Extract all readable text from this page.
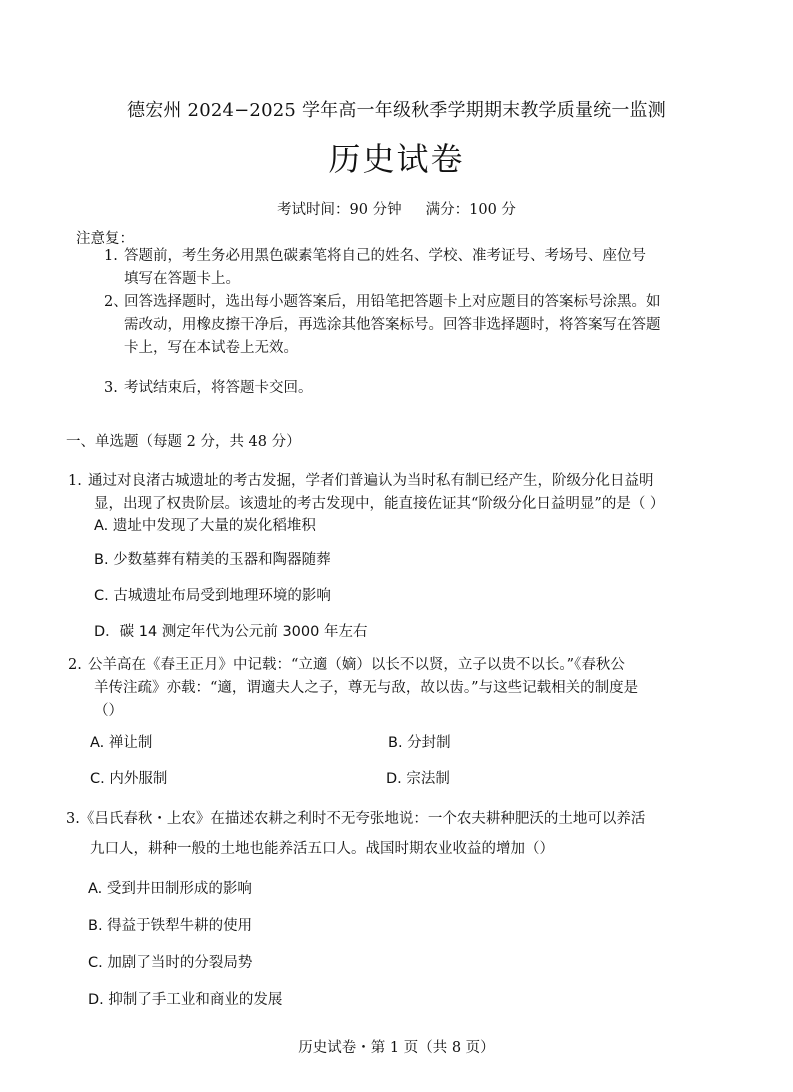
德宏州 2024−2025 学年高一年级秋季学期期末教学质量统一监测
历史试卷
考试时间：90 分钟 满分：100 分
注意复：
1. 答题前，考生务必用黑色碳素笔将自己的姓名、学校、准考证号、考场号、座位号
填写在答题卡上。
2、回答选择题时，选出每小题答案后，用铅笔把答题卡上对应题目的答案标号涂黑。如
需改动，用橡皮擦干净后，再选涂其他答案标号。回答非选择题时，将答案写在答题
卡上，写在本试卷上无效。
3. 考试结束后，将答题卡交回。
一、单选题（每题 2 分，共 48 分）
1. 通过对良渚古城遗址的考古发掘，学者们普遍认为当时私有制已经产生，阶级分化日益明
显，出现了权贵阶层。该遗址的考古发现中，能直接佐证其“阶级分化日益明显”的是（ ）
A. 遗址中发现了大量的炭化稻堆积
B. 少数墓葬有精美的玉器和陶器随葬
C. 古城遗址布局受到地理环境的影响
D．碳 14 测定年代为公元前 3000 年左右
2. 公羊高在《春王正月》中记载：“立適（嫡）以长不以贤，立子以贵不以长。”《春秋公
羊传注疏》亦载：“適，谓適夫人之子，尊无与敌，故以齿。”与这些记载相关的制度是
（）
A. 禅让制	B. 分封制
C. 内外服制	D. 宗法制
3.《吕氏春秋・上农》在描述农耕之利时不无夸张地说：一个农夫耕种肥沃的土地可以养活
九口人，耕种一般的土地也能养活五口人。战国时期农业收益的增加（）
A. 受到井田制形成的影响
B. 得益于铁犁牛耕的使用
C. 加剧了当时的分裂局势
D. 抑制了手工业和商业的发展
历史试卷・第 1 页（共 8 页）
